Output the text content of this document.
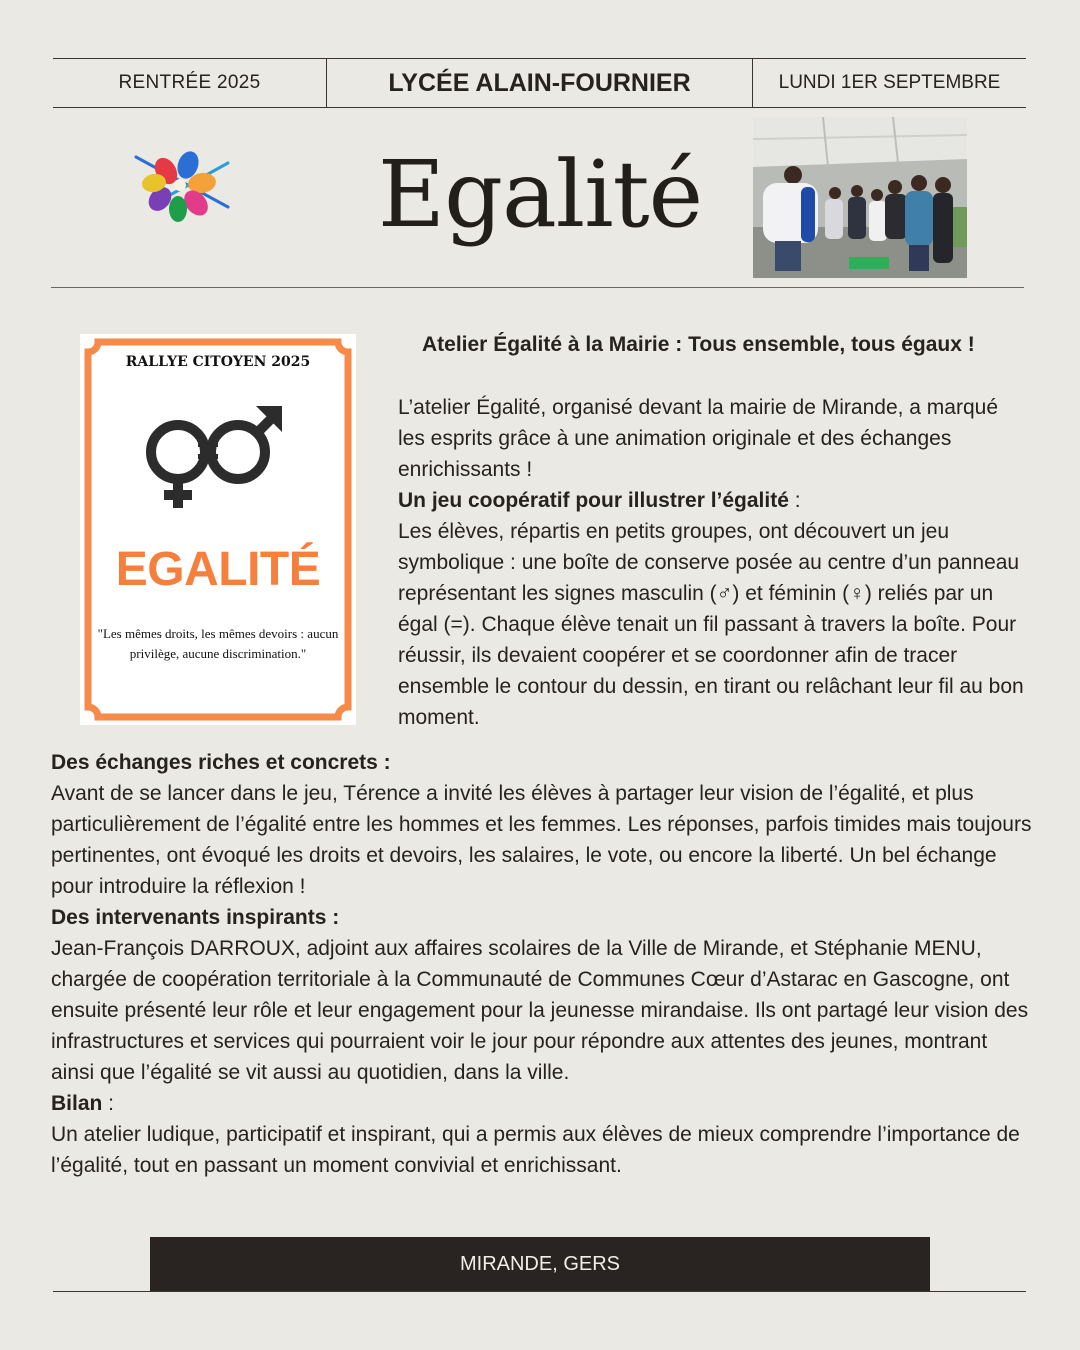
RENTRÉE 2025	LYCÉE ALAIN-FOURNIER	LUNDI 1ER SEPTEMBRE
Egalité
RALLYE CITOYEN 2025
EGALITÉ
"Les mêmes droits, les mêmes devoirs : aucun privilège, aucune discrimination."
Atelier Égalité à la Mairie : Tous ensemble, tous égaux !

L’atelier Égalité, organisé devant la mairie de Mirande, a marqué les esprits grâce à une animation originale et des échanges enrichissants !

Un jeu coopératif pour illustrer l’égalité :

Les élèves, répartis en petits groupes, ont découvert un jeu symbolique : une boîte de conserve posée au centre d’un panneau représentant les signes masculin (♂) et féminin (♀) reliés par un égal (=). Chaque élève tenait un fil passant à travers la boîte. Pour réussir, ils devaient coopérer et se coordonner afin de tracer ensemble le contour du dessin, en tirant ou relâchant leur fil au bon moment.

Des échanges riches et concrets :

Avant de se lancer dans le jeu, Térence a invité les élèves à partager leur vision de l’égalité, et plus particulièrement de l’égalité entre les hommes et les femmes. Les réponses, parfois timides mais toujours pertinentes, ont évoqué les droits et devoirs, les salaires, le vote, ou encore la liberté. Un bel échange pour introduire la réflexion !

Des intervenants inspirants :

Jean-François DARROUX, adjoint aux affaires scolaires de la Ville de Mirande, et Stéphanie MENU, chargée de coopération territoriale à la Communauté de Communes Cœur d’Astarac en Gascogne, ont ensuite présenté leur rôle et leur engagement pour la jeunesse mirandaise. Ils ont partagé leur vision des infrastructures et services qui pourraient voir le jour pour répondre aux attentes des jeunes, montrant ainsi que l’égalité se vit aussi au quotidien, dans la ville.

Bilan :

Un atelier ludique, participatif et inspirant, qui a permis aux élèves de mieux comprendre l’importance de l’égalité, tout en passant un moment convivial et enrichissant.

MIRANDE, GERS
